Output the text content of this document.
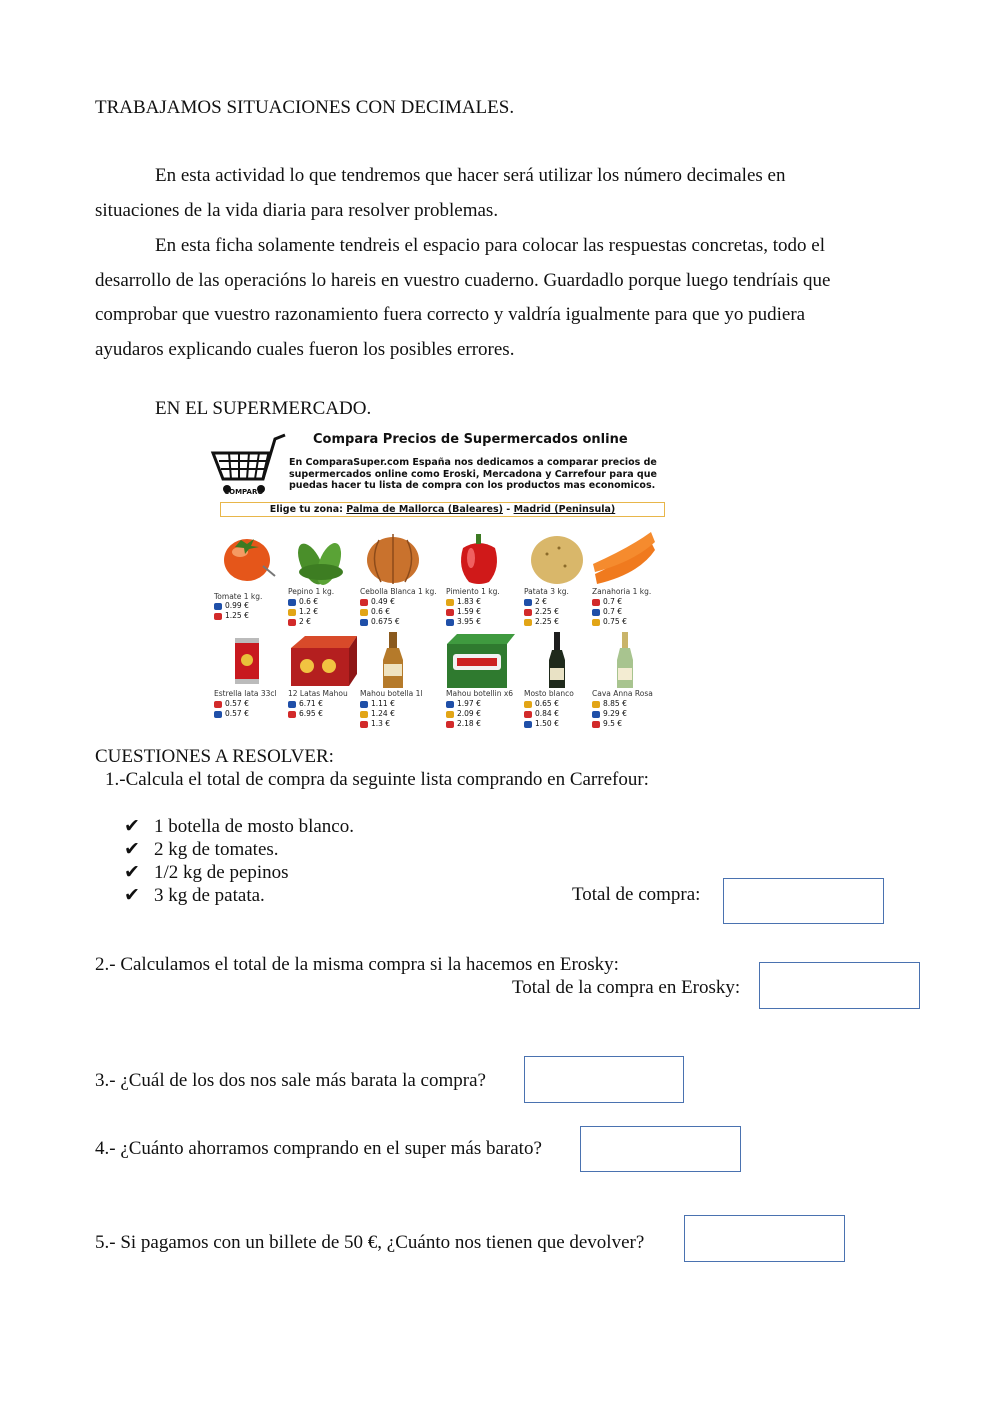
TRABAJAMOS SITUACIONES CON DECIMALES.
En esta actividad lo que tendremos que hacer será utilizar los número decimales en
situaciones de la vida diaria para resolver problemas.
En esta ficha solamente tendreis el espacio para colocar las respuestas concretas, todo el
desarrollo de las operacións lo hareis en vuestro cuaderno. Guardadlo porque luego tendríais que
comprobar que vuestro razonamiento fuera correcto y valdría igualmente para que yo pudiera
ayudaros explicando cuales fueron los posibles errores.
EN EL SUPERMERCADO.
COMPARO
Compara Precios de Supermercados online
En ComparaSuper.com España nos dedicamos a comparar precios de
supermercados online como Eroski, Mercadona y Carrefour para que
puedas hacer tu lista de compra con los productos mas economicos.
Elige tu zona: Palma de Mallorca (Baleares) - Madrid (Peninsula)
Tomate 1 kg.
0.99 €
1.25 €
Pepino 1 kg.
0.6 €
1.2 €
2 €
Cebolla Blanca 1 kg.
0.49 €
0.6 €
0.675 €
Pimiento 1 kg.
1.83 €
1.59 €
3.95 €
Patata 3 kg.
2 €
2.25 €
2.25 €
Zanahoria 1 kg.
0.7 €
0.7 €
0.75 €
Estrella lata 33cl
0.57 €
0.57 €
12 Latas Mahou
6.71 €
6.95 €
Mahou botella 1l
1.11 €
1.24 €
1.3 €
Mahou botellin x6
1.97 €
2.09 €
2.18 €
Mosto blanco
0.65 €
0.84 €
1.50 €
Cava Anna Rosa
8.85 €
9.29 €
9.5 €
CUESTIONES A RESOLVER:
1.-Calcula el total de compra da seguinte lista comprando en Carrefour:
✔ 1 botella de mosto blanco.
✔ 2 kg de tomates.
✔ 1/2 kg de pepinos
✔ 3 kg de patata.	Total de compra:
2.- Calculamos el total de la misma compra si la hacemos en Erosky:
Total de la compra en Erosky:
3.- ¿Cuál de los dos nos sale más barata la compra?
4.- ¿Cuánto ahorramos comprando en el super más barato?
5.- Si pagamos con un billete de 50 €, ¿Cuánto nos tienen que devolver?
